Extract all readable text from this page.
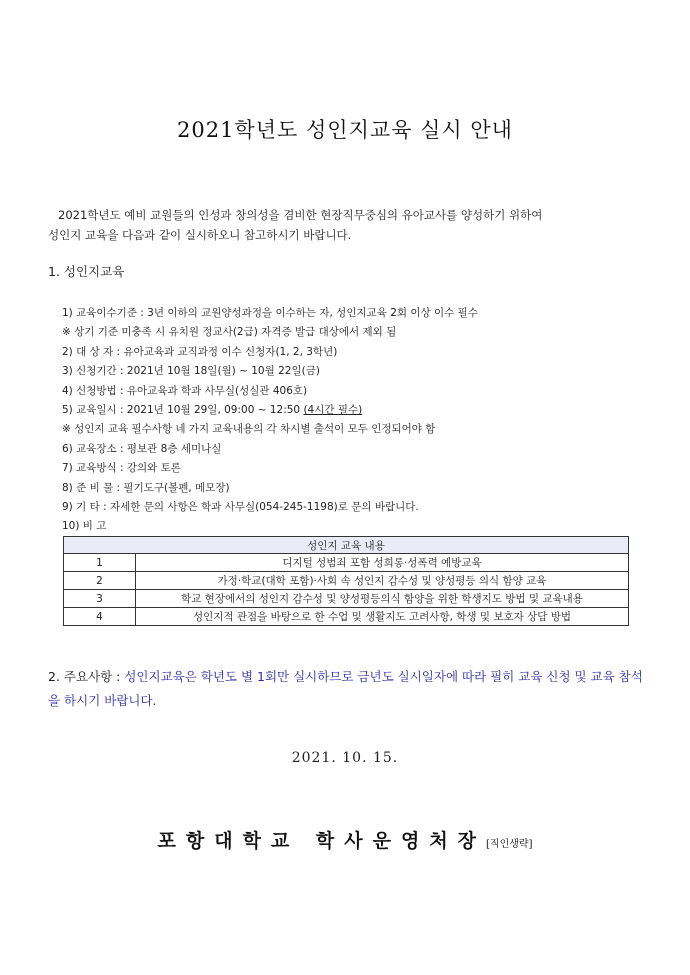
2021학년도 성인지교육 실시 안내

2021학년도 예비 교원들의 인성과 창의성을 겸비한 현장직무중심의 유아교사를 양성하기 위하여

성인지 교육을 다음과 같이 실시하오니 참고하시기 바랍니다.

1. 성인지교육
1) 교육이수기준 : 3년 이하의 교원양성과정을 이수하는 자, 성인지교육 2회 이상 이수 필수
※ 상기 기준 미충족 시 유치원 정교사(2급) 자격증 발급 대상에서 제외 됨
2) 대 상 자 : 유아교육과 교직과정 이수 신청자(1, 2, 3학년)
3) 신청기간 : 2021년 10월 18일(월) ~ 10월 22일(금)
4) 신청방법 : 유아교육과 학과 사무실(성실관 406호)
5) 교육일시 : 2021년 10월 29일, 09:00 ~ 12:50 (4시간 필수)
※ 성인지 교육 필수사항 네 가지 교육내용의 각 차시별 출석이 모두 인정되어야 함
6) 교육장소 : 평보관 8층 세미나실
7) 교육방식 : 강의와 토론
8) 준 비 물 : 필기도구(볼펜, 메모장)
9) 기 타 : 자세한 문의 사항은 학과 사무실(054-245-1198)로 문의 바랍니다.
10) 비 고
성인지 교육 내용	
1	디지털 성범죄 포함 성희롱·성폭력 예방교육
2	가정·학교(대학 포함)·사회 속 성인지 감수성 및 양성평등 의식 함양 교육
3	학교 현장에서의 성인지 감수성 및 양성평등의식 함양을 위한 학생지도 방법 및 교육내용
4	성인지적 관점을 바탕으로 한 수업 및 생활지도 고려사항, 학생 및 보호자 상담 방법
2. 주요사항 : 성인지교육은 학년도 별 1회만 실시하므로 금년도 실시일자에 따라 필히 교육 신청 및 교육 참석을 하시기 바랍니다.
2021. 10. 15.
포항대학교 학사운영처장[직인생략]
